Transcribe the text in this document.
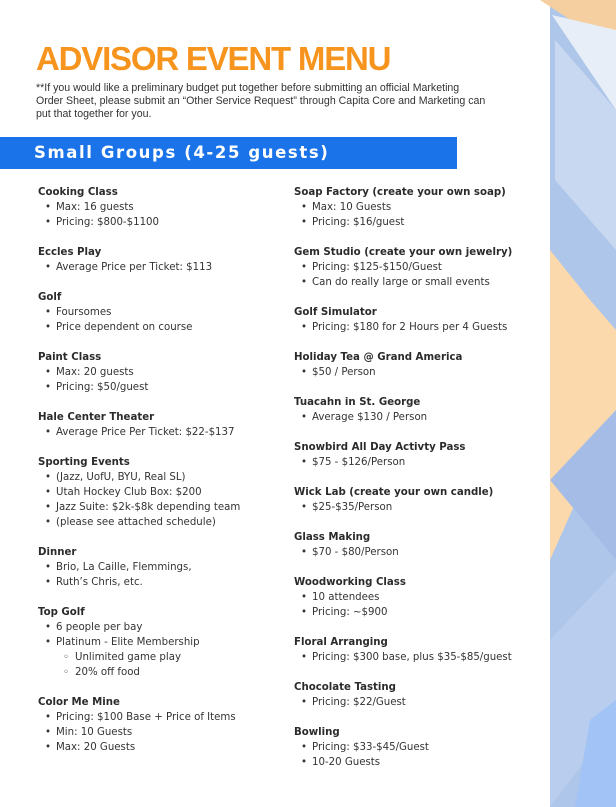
ADVISOR EVENT MENU

**If you would like a preliminary budget put together before submitting an official Marketing Order Sheet, please submit an “Other Service Request” through Capita Core and Marketing can put that together for you.

Small Groups (4-25 guests)
Cooking Class
• Max: 16 guests
• Pricing: $800-$1100
Eccles Play
• Average Price per Ticket: $113
Golf
• Foursomes
• Price dependent on course
Paint Class
• Max: 20 guests
• Pricing: $50/guest
Hale Center Theater
• Average Price Per Ticket: $22-$137
Sporting Events
• (Jazz, UofU, BYU, Real SL)
• Utah Hockey Club Box: $200
• Jazz Suite: $2k-$8k depending team
• (please see attached schedule)
Dinner
• Brio, La Caille, Flemmings,
• Ruth’s Chris, etc.
Top Golf
• 6 people per bay
• Platinum - Elite Membership
◦ Unlimited game play
◦ 20% off food
Color Me Mine
• Pricing: $100 Base + Price of Items
• Min: 10 Guests
• Max: 20 Guests
Soap Factory (create your own soap)
• Max: 10 Guests
• Pricing: $16/guest
Gem Studio (create your own jewelry)
• Pricing: $125-$150/Guest
• Can do really large or small events
Golf Simulator
• Pricing: $180 for 2 Hours per 4 Guests
Holiday Tea @ Grand America
• $50 / Person
Tuacahn in St. George
• Average $130 / Person
Snowbird All Day Activty Pass
• $75 - $126/Person
Wick Lab (create your own candle)
• $25-$35/Person
Glass Making
• $70 - $80/Person
Woodworking Class
• 10 attendees
• Pricing: ~$900
Floral Arranging
• Pricing: $300 base, plus $35-$85/guest
Chocolate Tasting
• Pricing: $22/Guest
Bowling
• Pricing: $33-$45/Guest
• 10-20 Guests
